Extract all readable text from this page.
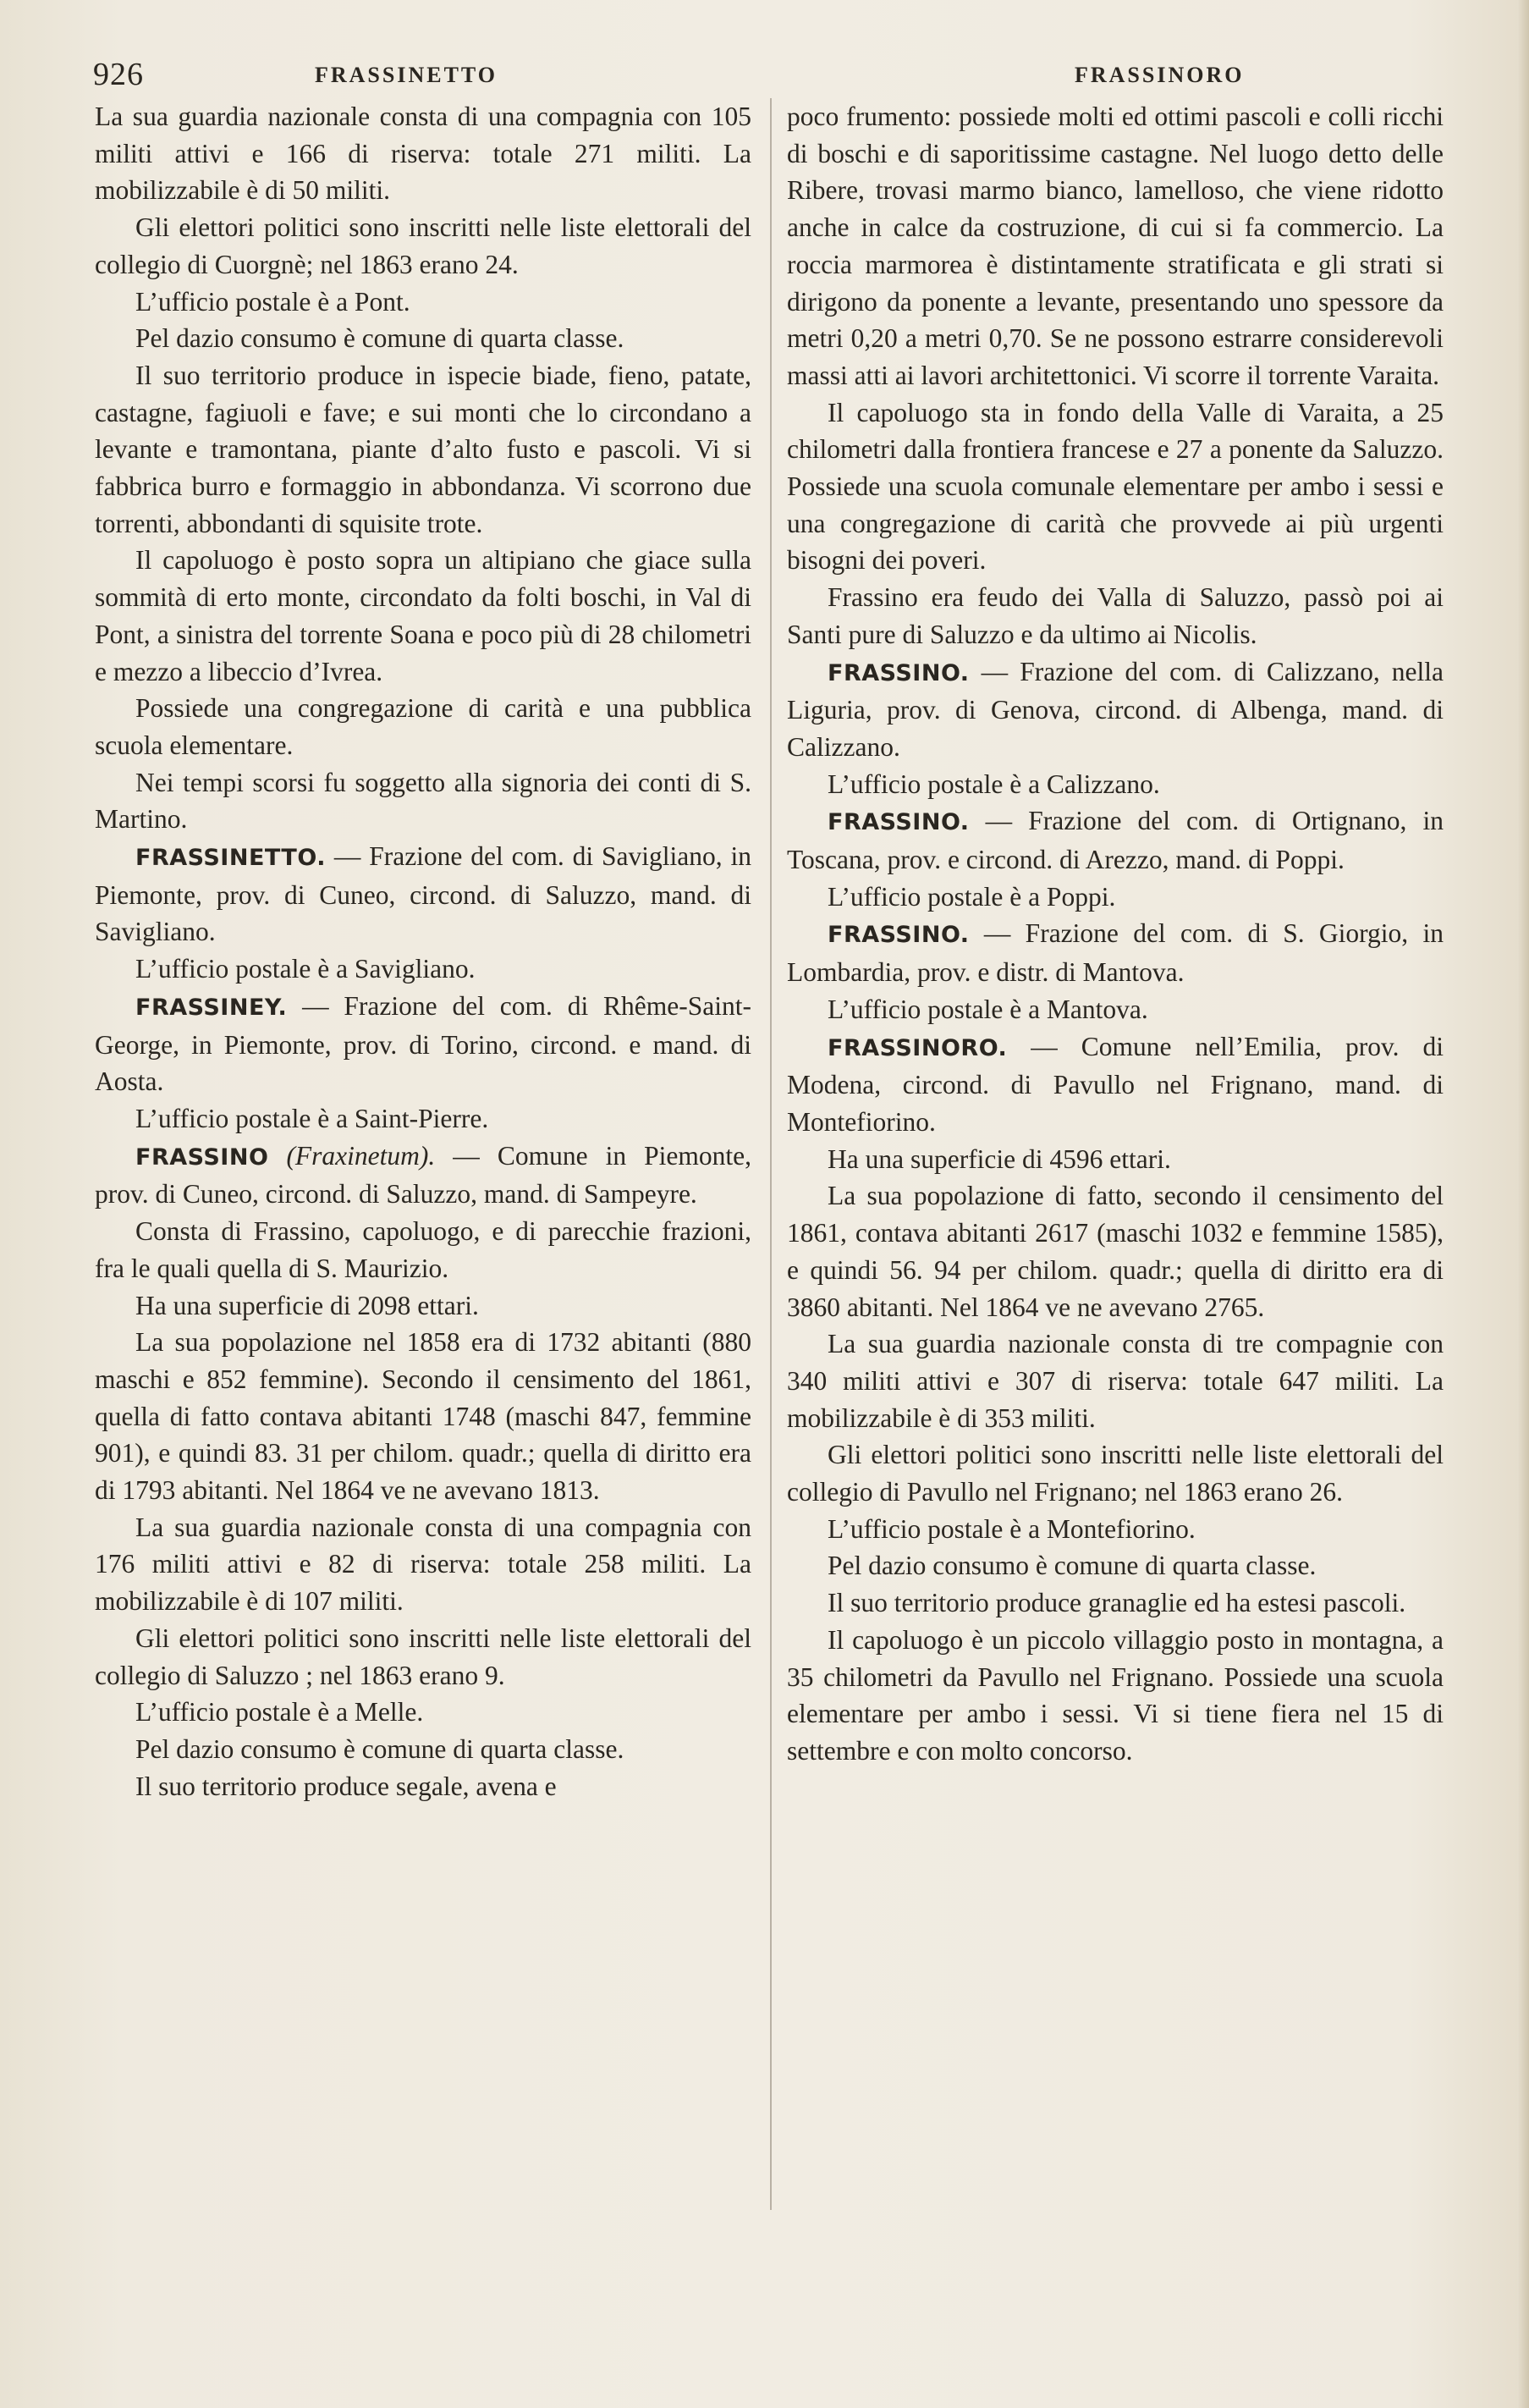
926	FRASSINETTO	FRASSINORO

La sua guardia nazionale consta di una compagnia con 105 militi attivi e 166 di riserva: totale 271 militi. La mobilizzabile è di 50 militi.

Gli elettori politici sono inscritti nelle liste elettorali del collegio di Cuorgnè; nel 1863 erano 24.

L’ufficio postale è a Pont.

Pel dazio consumo è comune di quarta classe.

Il suo territorio produce in ispecie biade, fieno, patate, castagne, fagiuoli e fave; e sui monti che lo circondano a levante e tramontana, piante d’alto fusto e pascoli. Vi si fabbrica burro e formaggio in abbondanza. Vi scorrono due torrenti, abbondanti di squisite trote.

Il capoluogo è posto sopra un altipiano che giace sulla sommità di erto monte, circondato da folti boschi, in Val di Pont, a sinistra del torrente Soana e poco più di 28 chilometri e mezzo a libeccio d’Ivrea.

Possiede una congregazione di carità e una pubblica scuola elementare.

Nei tempi scorsi fu soggetto alla signoria dei conti di S. Martino.

FRASSINETTO. — Frazione del com. di Savigliano, in Piemonte, prov. di Cuneo, circond. di Saluzzo, mand. di Savigliano.

L’ufficio postale è a Savigliano.

FRASSINEY. — Frazione del com. di Rhême-Saint-George, in Piemonte, prov. di Torino, circond. e mand. di Aosta.

L’ufficio postale è a Saint-Pierre.

FRASSINO (Fraxinetum). — Comune in Piemonte, prov. di Cuneo, circond. di Saluzzo, mand. di Sampeyre.

Consta di Frassino, capoluogo, e di parecchie frazioni, fra le quali quella di S. Maurizio.

Ha una superficie di 2098 ettari.

La sua popolazione nel 1858 era di 1732 abitanti (880 maschi e 852 femmine). Secondo il censimento del 1861, quella di fatto contava abitanti 1748 (maschi 847, femmine 901), e quindi 83. 31 per chilom. quadr.; quella di diritto era di 1793 abitanti. Nel 1864 ve ne avevano 1813.

La sua guardia nazionale consta di una compagnia con 176 militi attivi e 82 di riserva: totale 258 militi. La mobilizzabile è di 107 militi.

Gli elettori politici sono inscritti nelle liste elettorali del collegio di Saluzzo ; nel 1863 erano 9.

L’ufficio postale è a Melle.

Pel dazio consumo è comune di quarta classe.

Il suo territorio produce segale, avena e

poco frumento: possiede molti ed ottimi pascoli e colli ricchi di boschi e di saporitissime castagne. Nel luogo detto delle Ribere, trovasi marmo bianco, lamelloso, che viene ridotto anche in calce da costruzione, di cui si fa commercio. La roccia marmorea è distintamente stratificata e gli strati si dirigono da ponente a levante, presentando uno spessore da metri 0,20 a metri 0,70. Se ne possono estrarre considerevoli massi atti ai lavori architettonici. Vi scorre il torrente Varaita.

Il capoluogo sta in fondo della Valle di Varaita, a 25 chilometri dalla frontiera francese e 27 a ponente da Saluzzo. Possiede una scuola comunale elementare per ambo i sessi e una congregazione di carità che provvede ai più urgenti bisogni dei poveri.

Frassino era feudo dei Valla di Saluzzo, passò poi ai Santi pure di Saluzzo e da ultimo ai Nicolis.

FRASSINO. — Frazione del com. di Calizzano, nella Liguria, prov. di Genova, circond. di Albenga, mand. di Calizzano.

L’ufficio postale è a Calizzano.

FRASSINO. — Frazione del com. di Ortignano, in Toscana, prov. e circond. di Arezzo, mand. di Poppi.

L’ufficio postale è a Poppi.

FRASSINO. — Frazione del com. di S. Giorgio, in Lombardia, prov. e distr. di Mantova.

L’ufficio postale è a Mantova.

FRASSINORO. — Comune nell’Emilia, prov. di Modena, circond. di Pavullo nel Frignano, mand. di Montefiorino.

Ha una superficie di 4596 ettari.

La sua popolazione di fatto, secondo il censimento del 1861, contava abitanti 2617 (maschi 1032 e femmine 1585), e quindi 56. 94 per chilom. quadr.; quella di diritto era di 3860 abitanti. Nel 1864 ve ne avevano 2765.

La sua guardia nazionale consta di tre compagnie con 340 militi attivi e 307 di riserva: totale 647 militi. La mobilizzabile è di 353 militi.

Gli elettori politici sono inscritti nelle liste elettorali del collegio di Pavullo nel Frignano; nel 1863 erano 26.

L’ufficio postale è a Montefiorino.

Pel dazio consumo è comune di quarta classe.

Il suo territorio produce granaglie ed ha estesi pascoli.

Il capoluogo è un piccolo villaggio posto in montagna, a 35 chilometri da Pavullo nel Frignano. Possiede una scuola elementare per ambo i sessi. Vi si tiene fiera nel 15 di settembre e con molto concorso.
